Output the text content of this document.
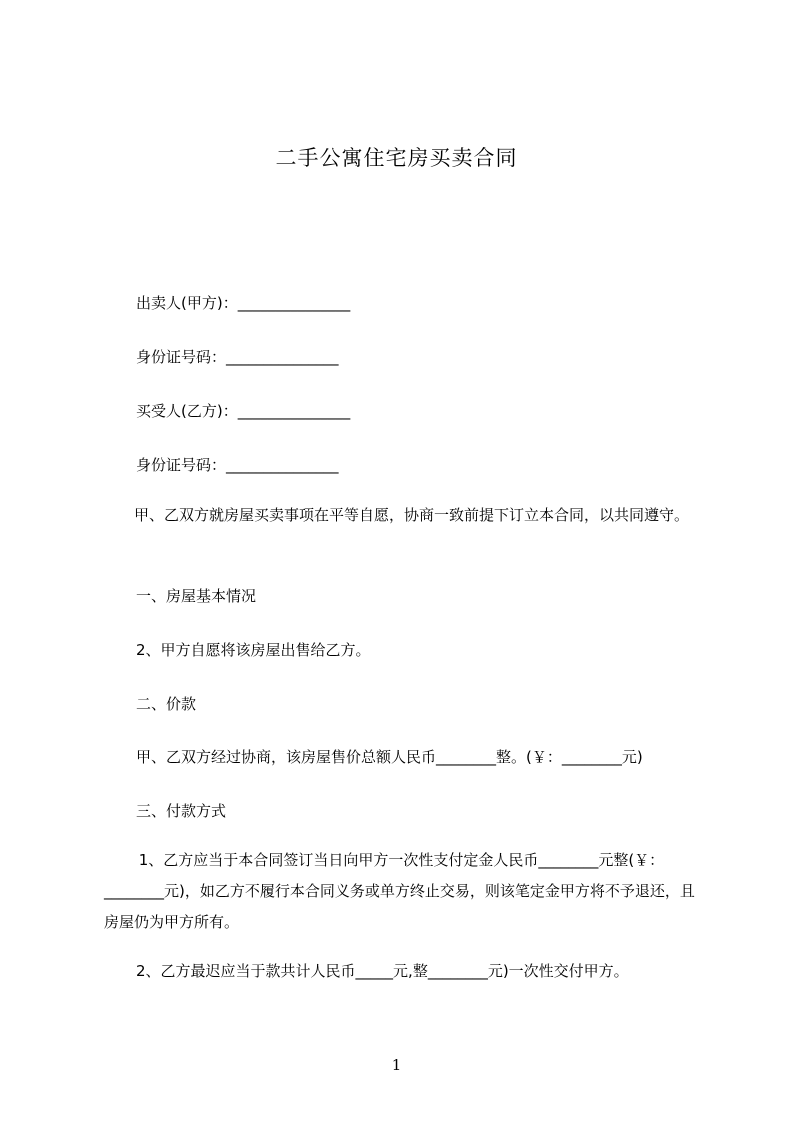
二手公寓住宅房买卖合同
出卖人(甲方)：_______________
身份证号码：_______________
买受人(乙方)：_______________
身份证号码：_______________
　　甲、乙双方就房屋买卖事项在平等自愿，协商一致前提下订立本合同，以共同遵守。
一、房屋基本情况
2、甲方自愿将该房屋出售给乙方。
二、价款
甲、乙双方经过协商，该房屋售价总额人民币________整。(￥：________元)
三、付款方式
　　 1、乙方应当于本合同签订当日向甲方一次性支付定金人民币________元整(￥：________元)，如乙方不履行本合同义务或单方终止交易，则该笔定金甲方将不予退还，且房屋仍为甲方所有。
2、乙方最迟应当于款共计人民币_____元,整________元)一次性交付甲方。
1
